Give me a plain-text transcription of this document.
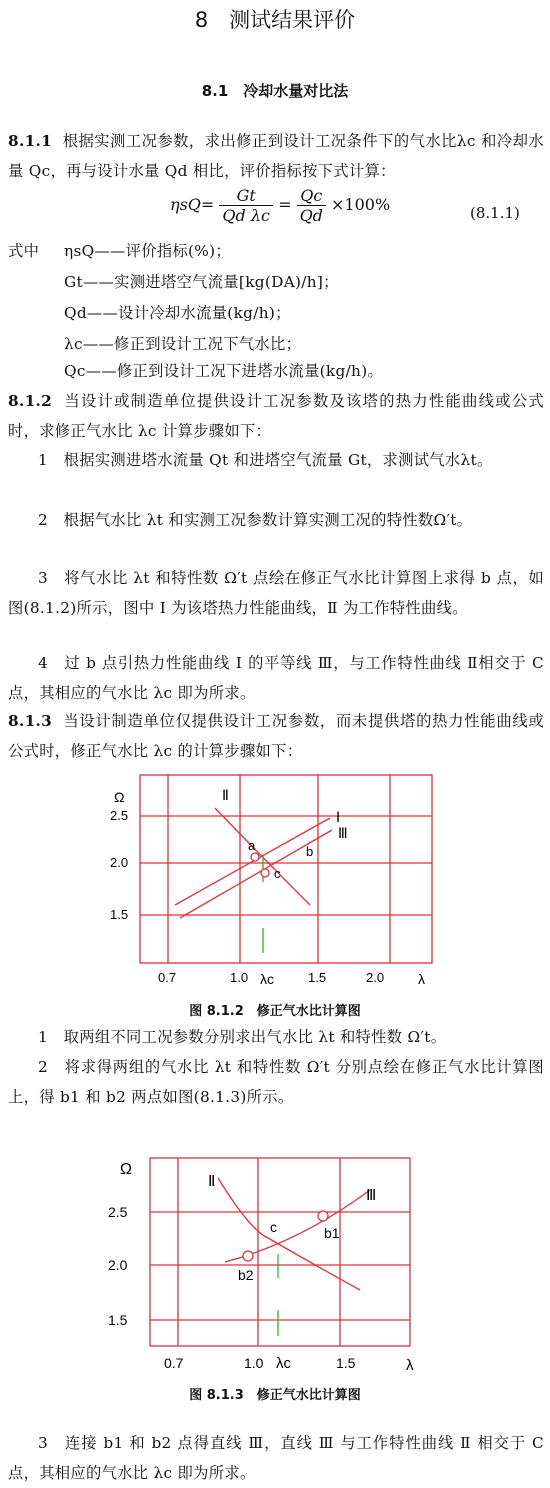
8　测试结果评价
8.1　冷却水量对比法
8.1.1 根据实测工况参数，求出修正到设计工况条件下的气水比λc 和冷却水量 Qc，再与设计水量 Qd 相比，评价指标按下式计算：
$\eta sQ= \frac{Gt}{\text{Qd λc}} = \frac{Qc}{Qd} \times 100\%$	(8.1.1)
式中	ηsQ——评价指标(%)；
Gt——实测进塔空气流量[kg(DA)/h]；
Qd——设计冷却水流量(kg/h)；
λc——修正到设计工况下气水比；
Qc——修正到设计工况下进塔水流量(kg/h)。
8.1.2 当设计或制造单位提供设计工况参数及该塔的热力性能曲线或公式时，求修正气水比 λc 计算步骤如下：
1　根据实测进塔水流量 Qt 和进塔空气流量 Gt，求测试气水λt。
2　根据气水比 λt 和实测工况参数计算实测工况的特性数Ω′t。
3　将气水比 λt 和特性数 Ω′t 点绘在修正气水比计算图上求得 b 点，如图(8.1.2)所示，图中 Ⅰ 为该塔热力性能曲线，Ⅱ 为工作特性曲线。
4　过 b 点引热力性能曲线 Ⅰ 的平等线 Ⅲ，与工作特性曲线 Ⅱ相交于 C 点，其相应的气水比 λc 即为所求。
8.1.3 当设计制造单位仅提供设计工况参数，而未提供塔的热力性能曲线或公式时，修正气水比 λc 的计算步骤如下：
Ω
2.5
2.0
1.5
0.7	1.0	1.5	2.0 λ
λc
Ⅱ
Ⅰ
Ⅲ
a	b
c
图 8.1.2　修正气水比计算图
1　取两组不同工况参数分别求出气水比 λt 和特性数 Ω′t。
2　将求得两组的气水比 λt 和特性数 Ω′t 分别点绘在修正气水比计算图上，得 b1 和 b2 两点如图(8.1.3)所示。
Ω
2.5
2.0
1.5
0.7	1.0	1.5	λ
λc
Ⅱ
Ⅲ
c	b1
b2
图 8.1.3　修正气水比计算图
3　连接 b1 和 b2 点得直线 Ⅲ，直线 Ⅲ 与工作特性曲线 Ⅱ 相交于 C 点，其相应的气水比 λc 即为所求。
